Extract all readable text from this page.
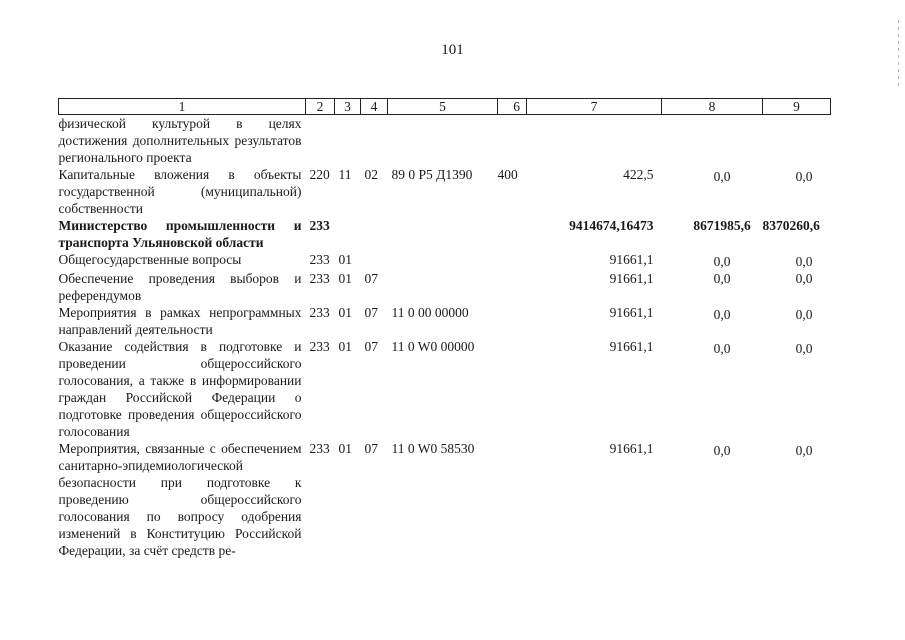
101
1	2	3	4	5	6	7	8	9
физической культурой в целях достижения дополнительных результатов регионального проекта								
Капитальные вложения в объекты государственной (муниципальной) собственности	220	11	02	89 0 P5 Д1390	400	422,5	0,0	0,0
Министерство промышленности и транспорта Ульяновской области	233					9414674,16473	8671985,6	8370260,6
Общегосударственные вопросы	233	01				91661,1	0,0	0,0
Обеспечение проведения выборов и референдумов	233	01	07			91661,1	0,0	0,0
Мероприятия в рамках непрограммных направлений деятельности	233	01	07	11 0 00 00000		91661,1	0,0	0,0
Оказание содействия в подготовке и проведении общероссийского голосования, а также в информировании граждан Российской Федерации о подготовке проведения общероссийского голосования	233	01	07	11 0 W0 00000		91661,1	0,0	0,0
Мероприятия, связанные с обеспечением санитарно-эпидемиологической безопасности при подготовке к проведению общероссийского голосования по вопросу одобрения изменений в Конституцию Российской Федерации, за счёт средств ре-	233	01	07	11 0 W0 58530		91661,1	0,0	0,0
